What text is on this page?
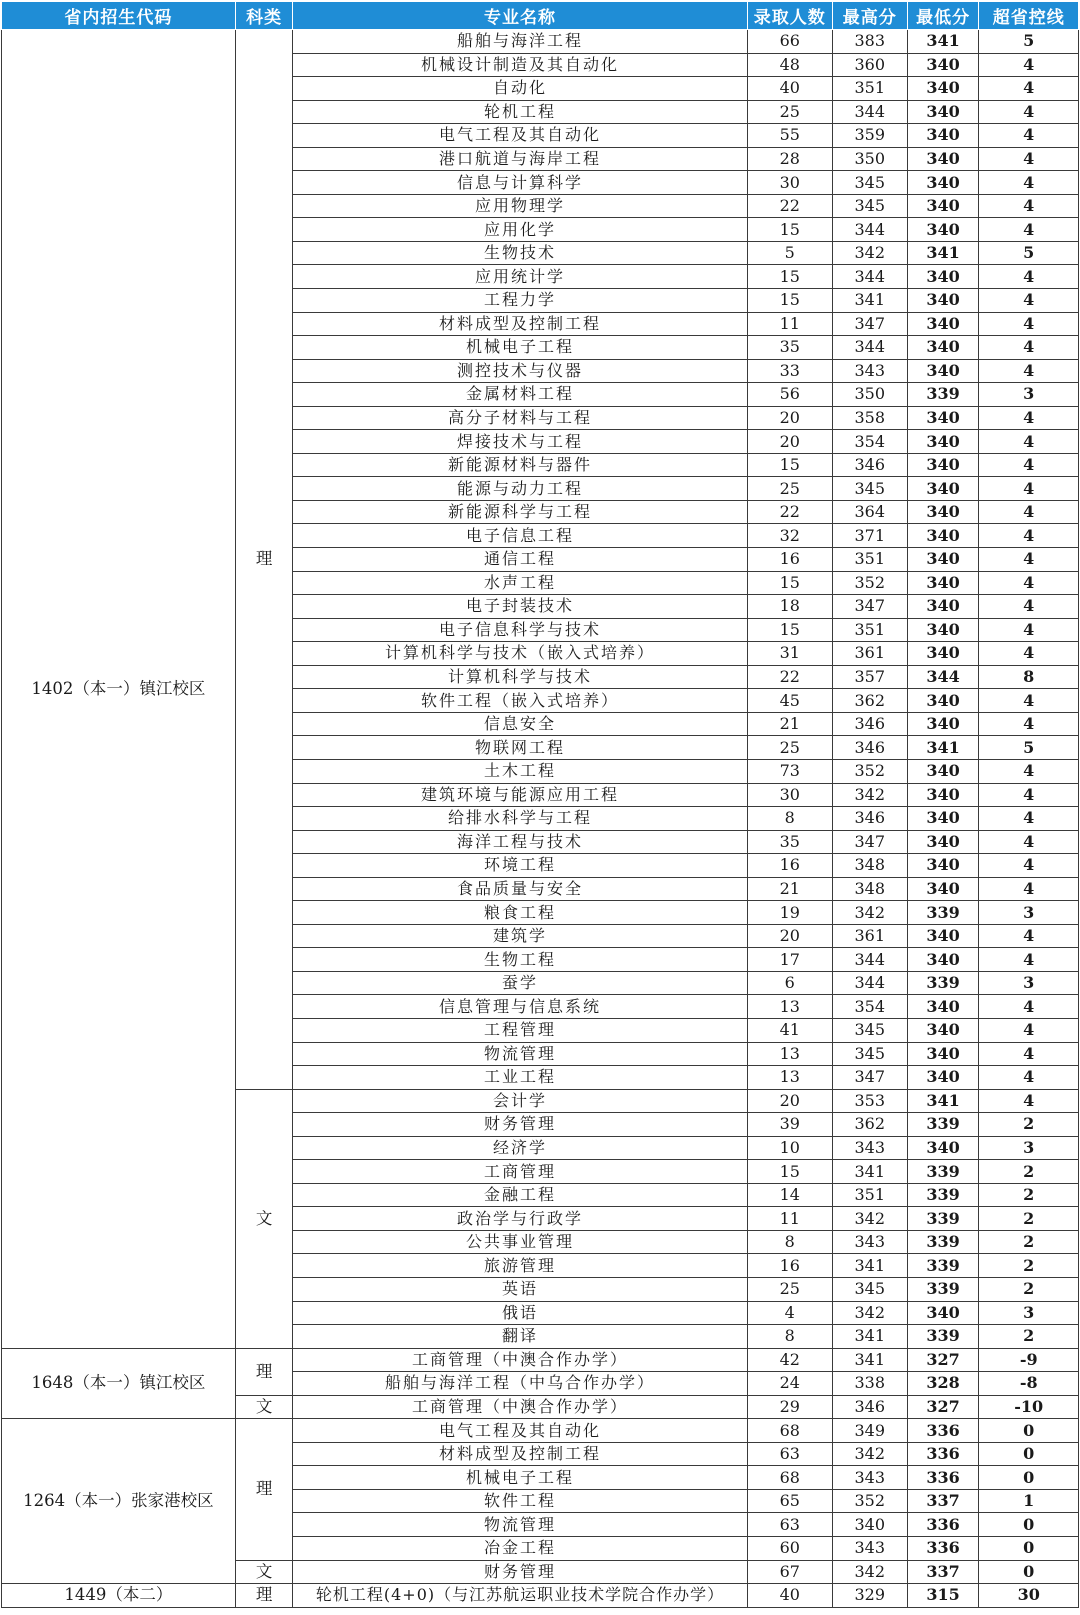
省内招生代码	科类	专业名称	录取人数	最高分	最低分	超省控线
1402（本一）镇江校区	理	船舶与海洋工程	66	383	341	5
		机械设计制造及其自动化	48	360	340	4
		自动化	40	351	340	4
		轮机工程	25	344	340	4
		电气工程及其自动化	55	359	340	4
		港口航道与海岸工程	28	350	340	4
		信息与计算科学	30	345	340	4
		应用物理学	22	345	340	4
		应用化学	15	344	340	4
		生物技术	5	342	341	5
		应用统计学	15	344	340	4
		工程力学	15	341	340	4
		材料成型及控制工程	11	347	340	4
		机械电子工程	35	344	340	4
		测控技术与仪器	33	343	340	4
		金属材料工程	56	350	339	3
		高分子材料与工程	20	358	340	4
		焊接技术与工程	20	354	340	4
		新能源材料与器件	15	346	340	4
		能源与动力工程	25	345	340	4
		新能源科学与工程	22	364	340	4
		电子信息工程	32	371	340	4
		通信工程	16	351	340	4
		水声工程	15	352	340	4
		电子封装技术	18	347	340	4
		电子信息科学与技术	15	351	340	4
		计算机科学与技术（嵌入式培养）	31	361	340	4
		计算机科学与技术	22	357	344	8
		软件工程（嵌入式培养）	45	362	340	4
		信息安全	21	346	340	4
		物联网工程	25	346	341	5
		土木工程	73	352	340	4
		建筑环境与能源应用工程	30	342	340	4
		给排水科学与工程	8	346	340	4
		海洋工程与技术	35	347	340	4
		环境工程	16	348	340	4
		食品质量与安全	21	348	340	4
		粮食工程	19	342	339	3
		建筑学	20	361	340	4
		生物工程	17	344	340	4
		蚕学	6	344	339	3
		信息管理与信息系统	13	354	340	4
		工程管理	41	345	340	4
		物流管理	13	345	340	4
		工业工程	13	347	340	4
	文	会计学	20	353	341	4
		财务管理	39	362	339	2
		经济学	10	343	340	3
		工商管理	15	341	339	2
		金融工程	14	351	339	2
		政治学与行政学	11	342	339	2
		公共事业管理	8	343	339	2
		旅游管理	16	341	339	2
		英语	25	345	339	2
		俄语	4	342	340	3
		翻译	8	341	339	2
1648（本一）镇江校区	理	工商管理（中澳合作办学）	42	341	327	-9
		船舶与海洋工程（中乌合作办学）	24	338	328	-8
	文	工商管理（中澳合作办学）	29	346	327	-10
1264（本一）张家港校区	理	电气工程及其自动化	68	349	336	0
		材料成型及控制工程	63	342	336	0
		机械电子工程	68	343	336	0
		软件工程	65	352	337	1
		物流管理	63	340	336	0
		冶金工程	60	343	336	0
	文	财务管理	67	342	337	0
1449（本二）	理	轮机工程(4+0)（与江苏航运职业技术学院合作办学）	40	329	315	30
